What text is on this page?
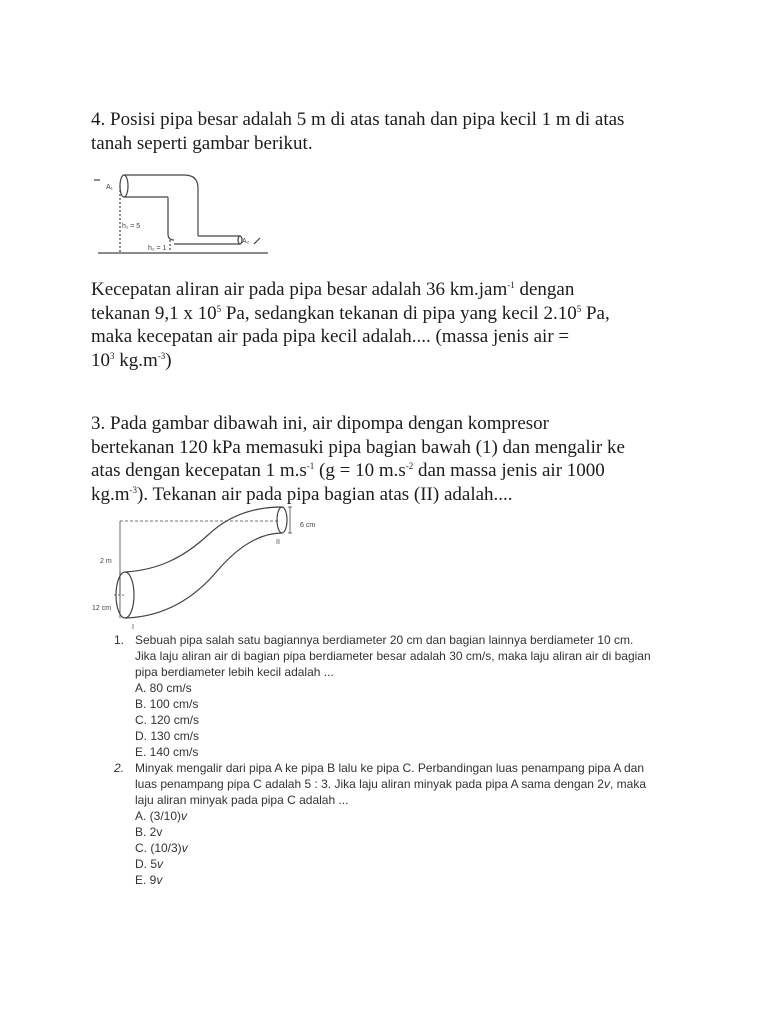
4. Posisi pipa besar adalah 5 m di atas tanah dan pipa kecil 1 m di atas
tanah seperti gambar berikut.
h₁ = 5
h₂ = 1
A₁
A₂
Kecepatan aliran air pada pipa besar adalah 36 km.jam$^{-1}$ dengan
tekanan 9,1 x $10^5$ Pa, sedangkan tekanan di pipa yang kecil 2.10$^5$ Pa,
maka kecepatan air pada pipa kecil adalah.... (massa jenis air =
$10^3$ $kg.m^{-3}$)
3. Pada gambar dibawah ini, air dipompa dengan kompresor
bertekanan 120 kPa memasuki pipa bagian bawah (1) dan mengalir ke
atas dengan kecepatan 1 $m.s^{-1}$ (g = 10 $m.s^{-2}$ dan massa jenis air 1000
$kg.m^{-3}$). Tekanan air pada pipa bagian atas (II) adalah....
6 cm
2 m
12 cm
II
I
1. Sebuah pipa salah satu bagiannya berdiameter 20 cm dan bagian lainnya berdiameter 10 cm.
Jika laju aliran air di bagian pipa berdiameter besar adalah 30 cm/s, maka laju aliran air di bagian
pipa berdiameter lebih kecil adalah ...
A. 80 cm/s
B. 100 cm/s
C. 120 cm/s
D. 130 cm/s
E. 140 cm/s
2. Minyak mengalir dari pipa A ke pipa B lalu ke pipa C. Perbandingan luas penampang pipa A dan
luas penampang pipa C adalah 5 : 3. Jika laju aliran minyak pada pipa A sama dengan 2v, maka
laju aliran minyak pada pipa C adalah ...
A. (3/10)v
B. 2v
C. (10/3)v
D. 5v
E. 9v
